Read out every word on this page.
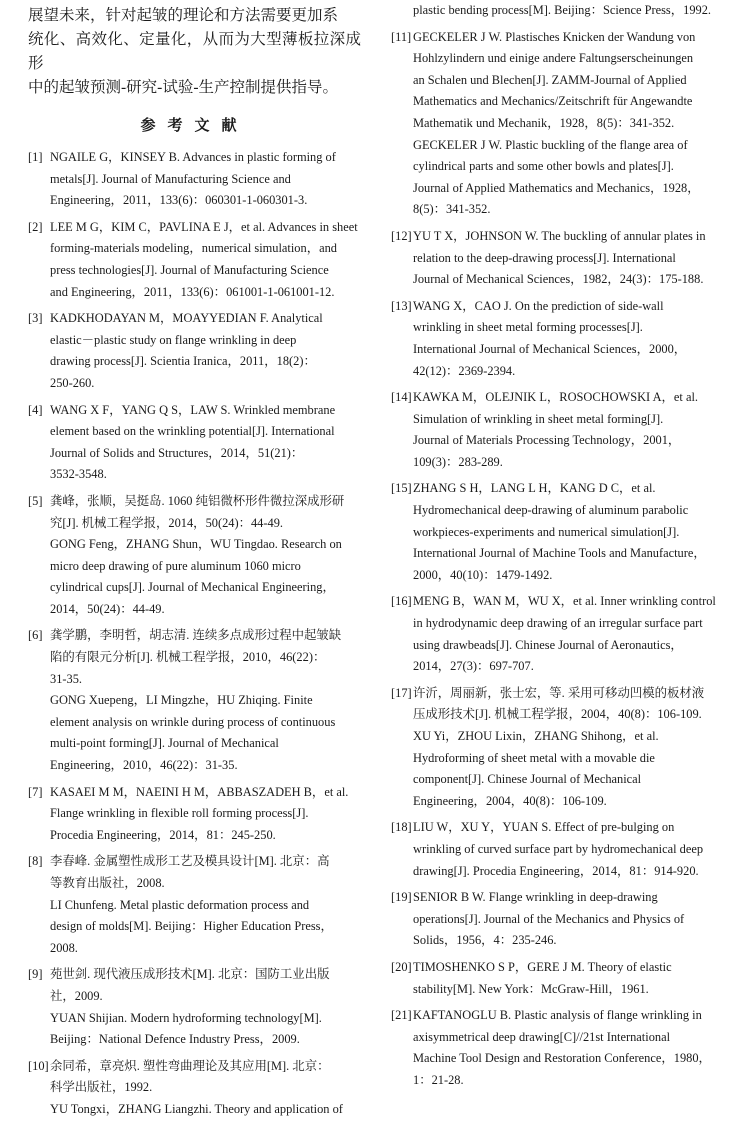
展望未来，针对起皱的理论和方法需要更加系
统化、高效化、定量化，从而为大型薄板拉深成形
中的起皱预测-研究-试验-生产控制提供指导。
参考文献
[1] NGAILE G，KINSEY B. Advances in plastic forming of
metals[J]. Journal of Manufacturing Science and
Engineering，2011，133(6)：060301-1-060301-3.

[2] LEE M G，KIM C，PAVLINA E J，et al. Advances in sheet
forming-materials modeling，numerical simulation，and
press technologies[J]. Journal of Manufacturing Science
and Engineering，2011，133(6)：061001-1-061001-12.

[3] KADKHODAYAN M，MOAYYEDIAN F. Analytical
elastic－plastic study on flange wrinkling in deep
drawing process[J]. Scientia Iranica，2011，18(2)：
250-260.

[4] WANG X F，YANG Q S，LAW S. Wrinkled membrane
element based on the wrinkling potential[J]. International
Journal of Solids and Structures，2014，51(21)：
3532-3548.

[5] 龚峰，张顺，吴挺岛. 1060 纯铝微杯形件微拉深成形研
究[J]. 机械工程学报，2014，50(24)：44-49.

GONG Feng，ZHANG Shun，WU Tingdao. Research on
micro deep drawing of pure aluminum 1060 micro
cylindrical cups[J]. Journal of Mechanical Engineering，
2014，50(24)：44-49.

[6] 龚学鹏，李明哲，胡志清. 连续多点成形过程中起皱缺
陷的有限元分析[J]. 机械工程学报，2010，46(22)：
31-35.

GONG Xuepeng，LI Mingzhe，HU Zhiqing. Finite
element analysis on wrinkle during process of continuous
multi-point forming[J]. Journal of Mechanical
Engineering，2010，46(22)：31-35.

[7] KASAEI M M，NAEINI H M，ABBASZADEH B，et al.
Flange wrinkling in flexible roll forming process[J].
Procedia Engineering，2014，81：245-250.

[8] 李春峰. 金属塑性成形工艺及模具设计[M]. 北京：高
等教育出版社，2008.

LI Chunfeng. Metal plastic deformation process and
design of molds[M]. Beijing：Higher Education Press，
2008.

[9] 苑世剑. 现代液压成形技术[M]. 北京：国防工业出版
社，2009.

YUAN Shijian. Modern hydroforming technology[M].
Beijing：National Defence Industry Press，2009.

[10] 余同希，章亮炽. 塑性弯曲理论及其应用[M]. 北京：
科学出版社，1992.

YU Tongxi，ZHANG Liangzhi. Theory and application of

plastic bending process[M]. Beijing：Science Press，1992.

[11] GECKELER J W. Plastisches Knicken der Wandung von
Hohlzylindern und einige andere Faltungserscheinungen
an Schalen und Blechen[J]. ZAMM-Journal of Applied
Mathematics and Mechanics/Zeitschrift für Angewandte
Mathematik und Mechanik，1928，8(5)：341-352.

GECKELER J W. Plastic buckling of the flange area of
cylindrical parts and some other bowls and plates[J].
Journal of Applied Mathematics and Mechanics，1928，
8(5)：341-352.

[12] YU T X，JOHNSON W. The buckling of annular plates in
relation to the deep-drawing process[J]. International
Journal of Mechanical Sciences，1982，24(3)：175-188.

[13] WANG X，CAO J. On the prediction of side-wall
wrinkling in sheet metal forming processes[J].
International Journal of Mechanical Sciences，2000，
42(12)：2369-2394.

[14] KAWKA M，OLEJNIK L，ROSOCHOWSKI A，et al.
Simulation of wrinkling in sheet metal forming[J].
Journal of Materials Processing Technology，2001，
109(3)：283-289.

[15] ZHANG S H，LANG L H，KANG D C，et al.
Hydromechanical deep-drawing of aluminum parabolic
workpieces-experiments and numerical simulation[J].
International Journal of Machine Tools and Manufacture，
2000，40(10)：1479-1492.

[16] MENG B，WAN M，WU X，et al. Inner wrinkling control
in hydrodynamic deep drawing of an irregular surface part
using drawbeads[J]. Chinese Journal of Aeronautics，
2014，27(3)：697-707.

[17] 许沂，周丽新，张士宏，等. 采用可移动凹模的板材液
压成形技术[J]. 机械工程学报，2004，40(8)：106-109.

XU Yi，ZHOU Lixin，ZHANG Shihong，et al.
Hydroforming of sheet metal with a movable die
component[J]. Chinese Journal of Mechanical
Engineering，2004，40(8)：106-109.

[18] LIU W，XU Y，YUAN S. Effect of pre-bulging on
wrinkling of curved surface part by hydromechanical deep
drawing[J]. Procedia Engineering，2014，81：914-920.

[19] SENIOR B W. Flange wrinkling in deep-drawing
operations[J]. Journal of the Mechanics and Physics of
Solids，1956，4：235-246.

[20] TIMOSHENKO S P，GERE J M. Theory of elastic
stability[M]. New York：McGraw-Hill，1961.

[21] KAFTANOGLU B. Plastic analysis of flange wrinkling in
axisymmetrical deep drawing[C]//21st International
Machine Tool Design and Restoration Conference，1980，
1：21-28.
